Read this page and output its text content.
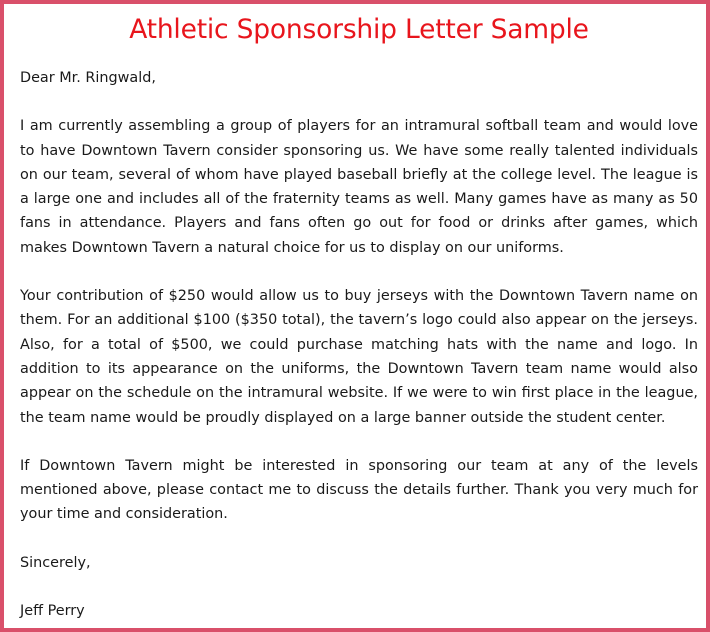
Athletic Sponsorship Letter Sample

Dear Mr. Ringwald,

I am currently assembling a group of players for an intramural softball team and would love to have Downtown Tavern consider sponsoring us. We have some really talented individuals on our team, several of whom have played baseball briefly at the college level. The league is a large one and includes all of the fraternity teams as well. Many games have as many as 50 fans in attendance. Players and fans often go out for food or drinks after games, which makes Downtown Tavern a natural choice for us to display on our uniforms.

Your contribution of $250 would allow us to buy jerseys with the Downtown Tavern name on them. For an additional $100 ($350 total), the tavern’s logo could also appear on the jerseys. Also, for a total of $500, we could purchase matching hats with the name and logo. In addition to its appearance on the uniforms, the Downtown Tavern team name would also appear on the schedule on the intramural website. If we were to win first place in the league, the team name would be proudly displayed on a large banner outside the student center.

If Downtown Tavern might be interested in sponsoring our team at any of the levels mentioned above, please contact me to discuss the details further. Thank you very much for your time and consideration.

Sincerely,

Jeff Perry
